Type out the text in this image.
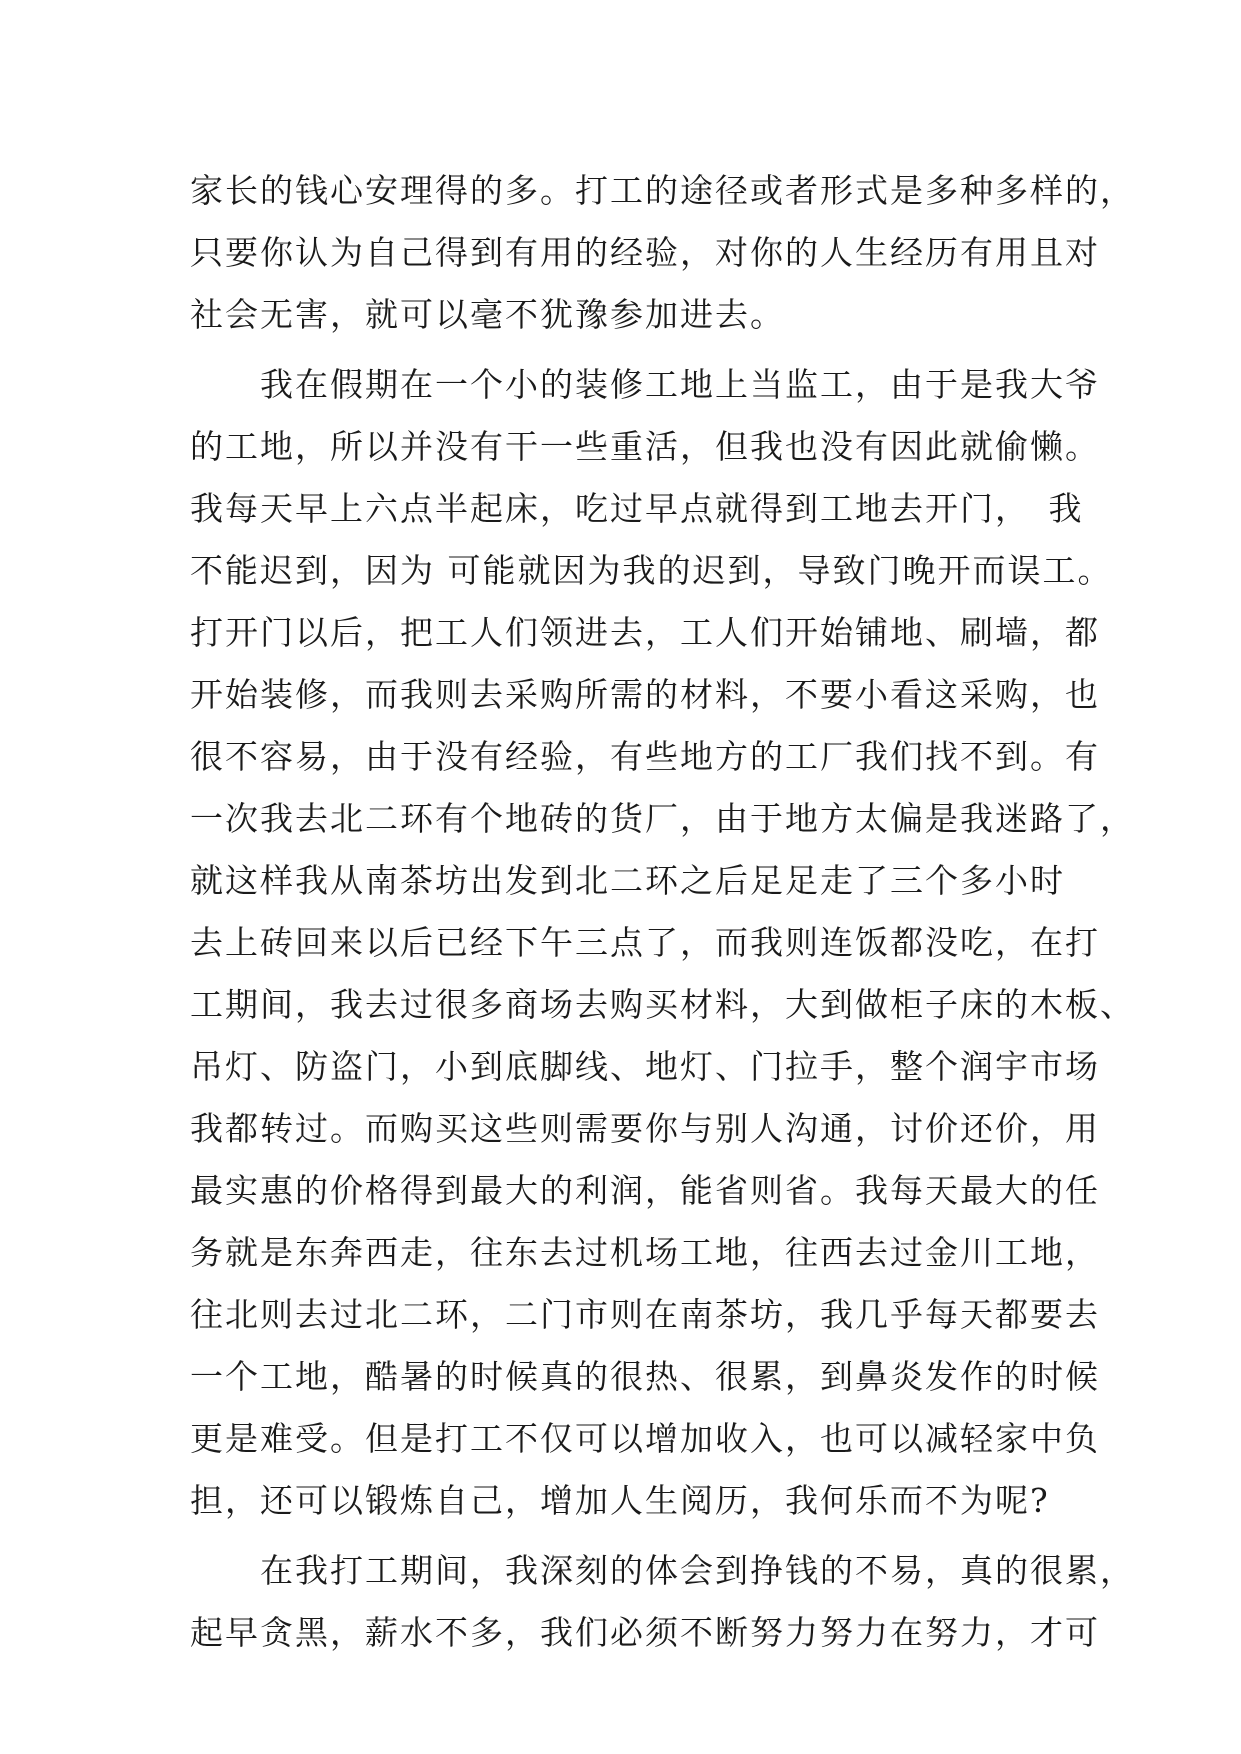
家长的钱心安理得的多。打工的途径或者形式是多种多样的，
只要你认为自己得到有用的经验，对你的人生经历有用且对
社会无害，就可以毫不犹豫参加进去。
　　我在假期在一个小的装修工地上当监工，由于是我大爷
的工地，所以并没有干一些重活，但我也没有因此就偷懒。
我每天早上六点半起床，吃过早点就得到工地去开门，　我
不能迟到，因为 可能就因为我的迟到，导致门晚开而误工。
打开门以后，把工人们领进去，工人们开始铺地、刷墙，都
开始装修，而我则去采购所需的材料，不要小看这采购，也
很不容易，由于没有经验，有些地方的工厂我们找不到。有
一次我去北二环有个地砖的货厂，由于地方太偏是我迷路了，
就这样我从南茶坊出发到北二环之后足足走了三个多小时
去上砖回来以后已经下午三点了，而我则连饭都没吃，在打
工期间，我去过很多商场去购买材料，大到做柜子床的木板、
吊灯、防盗门，小到底脚线、地灯、门拉手，整个润宇市场
我都转过。而购买这些则需要你与别人沟通，讨价还价，用
最实惠的价格得到最大的利润，能省则省。我每天最大的任
务就是东奔西走，往东去过机场工地，往西去过金川工地，
往北则去过北二环，二门市则在南茶坊，我几乎每天都要去
一个工地，酷暑的时候真的很热、很累，到鼻炎发作的时候
更是难受。但是打工不仅可以增加收入，也可以减轻家中负
担，还可以锻炼自己，增加人生阅历，我何乐而不为呢?
　　在我打工期间，我深刻的体会到挣钱的不易，真的很累，
起早贪黑，薪水不多，我们必须不断努力努力在努力，才可
